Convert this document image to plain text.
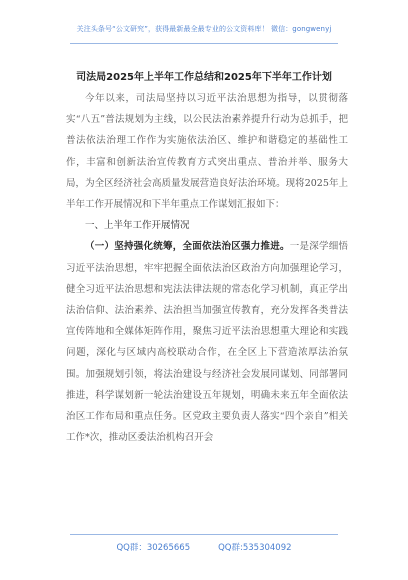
关注头条号“公文研究”，获得最新最全最专业的公文资料库！ 微信：gongwenyj
司法局2025年上半年工作总结和2025年下半年工作计划

今年以来，司法局坚持以习近平法治思想为指导，以贯彻落实“八五”普法规划为主线，以公民法治素养提升行动为总抓手，把普法依法治理工作作为实施依法治区、维护和谐稳定的基础性工作，丰富和创新法治宣传教育方式突出重点、普治并举、服务大局，为全区经济社会高质量发展营造良好法治环境。现将2025年上半年工作开展情况和下半年重点工作谋划汇报如下：

一、上半年工作开展情况

（一）坚持强化统筹，全面依法治区强力推进。一是深学细悟习近平法治思想，牢牢把握全面依法治区政治方向加强理论学习，健全习近平法治思想和宪法法律法规的常态化学习机制，真正学出法治信仰、法治素养、法治担当加强宣传教育，充分发挥各类普法宣传阵地和全媒体矩阵作用，聚焦习近平法治思想重大理论和实践问题，深化与区域内高校联动合作，在全区上下营造浓厚法治氛围。加强规划引领，将法治建设与经济社会发展同谋划、同部署同推进，科学谋划新一轮法治建设五年规划，明确未来五年全面依法治区工作布局和重点任务。区党政主要负责人落实“四个亲自”相关工作*次，推动区委法治机构召开会

QQ群：30265665	QQ群:535304092
